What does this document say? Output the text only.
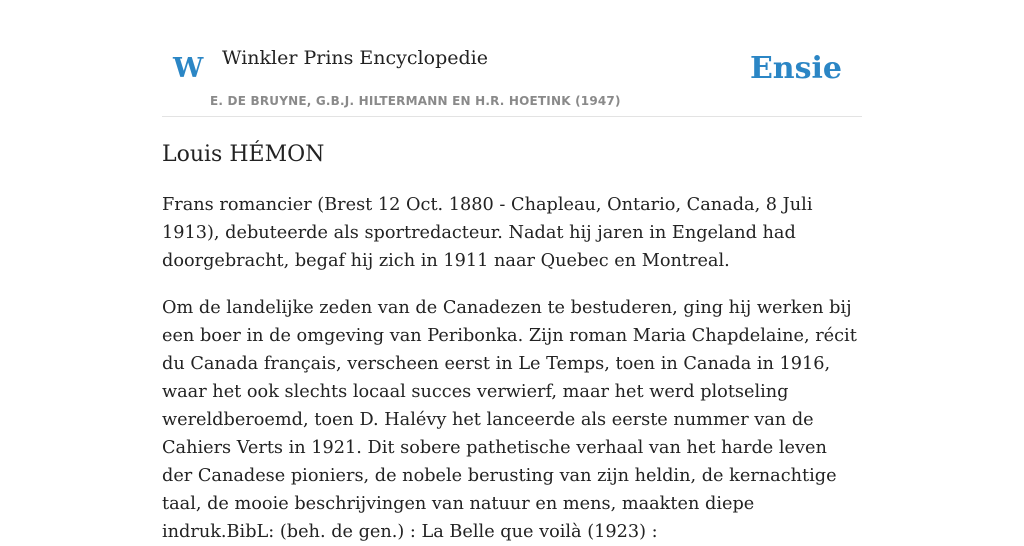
W Winkler Prins Encyclopedie
E. DE BRUYNE, G.B.J. HILTERMANN EN H.R. HOETINK (1947)
Ensie
Louis HÉMON

Frans romancier (Brest 12 Oct. 1880 - Chapleau, Ontario, Canada, 8 Juli 1913), debuteerde als sportredacteur. Nadat hij jaren in Engeland had doorgebracht, begaf hij zich in 1911 naar Quebec en Montreal.

Om de landelijke zeden van de Canadezen te bestuderen, ging hij werken bij een boer in de omgeving van Peribonka. Zijn roman Maria Chapdelaine, récit du Canada français, verscheen eerst in Le Temps, toen in Canada in 1916, waar het ook slechts locaal succes verwierf, maar het werd plotseling wereldberoemd, toen D. Halévy het lanceerde als eerste nummer van de Cahiers Verts in 1921. Dit sobere pathetische verhaal van het harde leven der Canadese pioniers, de nobele berusting van zijn heldin, de kernachtige taal, de mooie beschrijvingen van natuur en mens, maakten diepe indruk.BibL: (beh. de gen.) : La Belle que voilà (1923) :
